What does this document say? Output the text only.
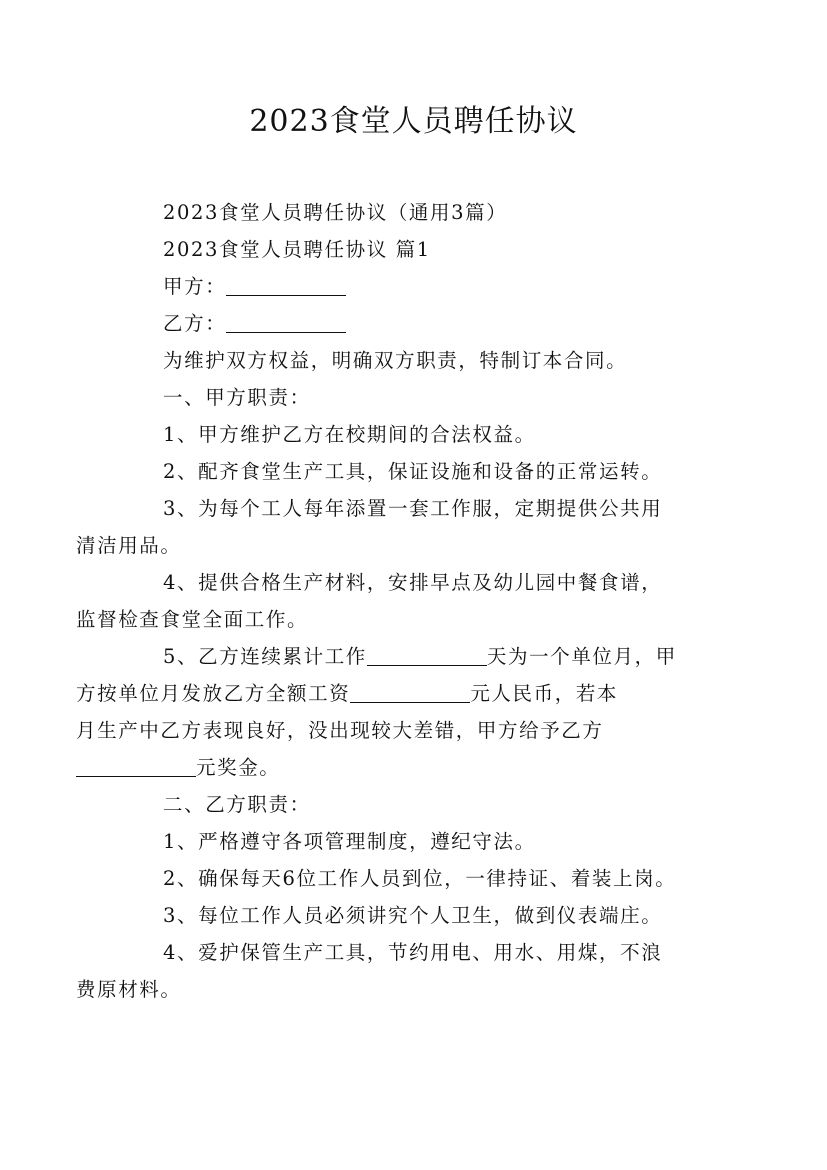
2023食堂人员聘任协议

2023食堂人员聘任协议（通用3篇）

2023食堂人员聘任协议 篇1

甲方：

乙方：

为维护双方权益，明确双方职责，特制订本合同。

一、甲方职责：

1、甲方维护乙方在校期间的合法权益。

2、配齐食堂生产工具，保证设施和设备的正常运转。

3、为每个工人每年添置一套工作服，定期提供公共用
清洁用品。
4、提供合格生产材料，安排早点及幼儿园中餐食谱，
监督检查食堂全面工作。
5、乙方连续累计工作	天为一个单位月，甲
方按单位月发放乙方全额工资	元人民币，若本
月生产中乙方表现良好，没出现较大差错，甲方给予乙方
元奖金。

二、乙方职责：

1、严格遵守各项管理制度，遵纪守法。

2、确保每天6位工作人员到位，一律持证、着装上岗。

3、每位工作人员必须讲究个人卫生，做到仪表端庄。

4、爱护保管生产工具，节约用电、用水、用煤，不浪
费原材料。
